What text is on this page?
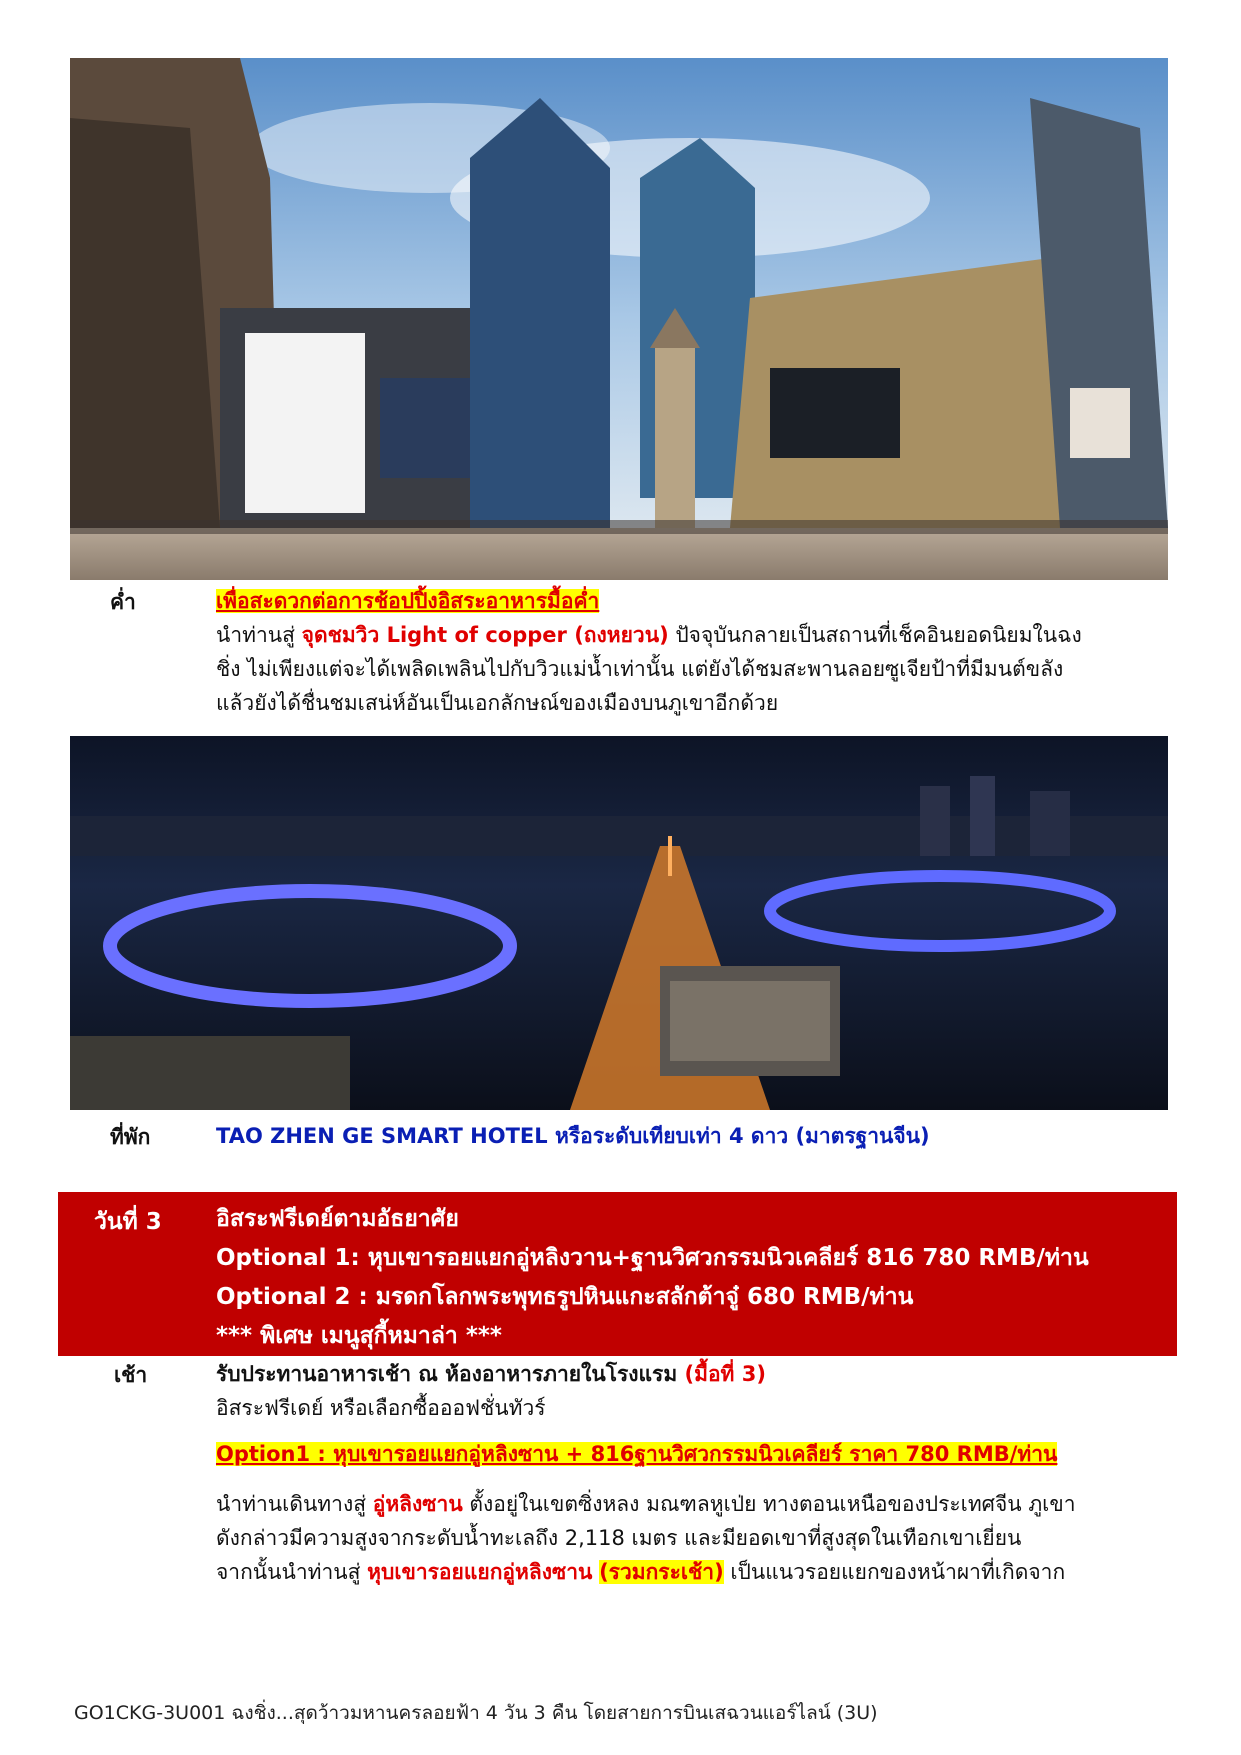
ค่ำ	เพื่อสะดวกต่อการช้อปปิ้งอิสระอาหารมื้อค่ำ
นำท่านสู่ จุดชมวิว Light of copper (ถงหยวน) ปัจจุบันกลายเป็นสถานที่เช็คอินยอดนิยมในฉง
ชิ่ง ไม่เพียงแต่จะได้เพลิดเพลินไปกับวิวแม่น้ำเท่านั้น แต่ยังได้ชมสะพานลอยซูเจียป้าที่มีมนต์ขลัง
แล้วยังได้ชื่นชมเสน่ห์อันเป็นเอกลักษณ์ของเมืองบนภูเขาอีกด้วย
ที่พัก	TAO ZHEN GE SMART HOTEL หรือระดับเทียบเท่า 4 ดาว (มาตรฐานจีน)
วันที่ 3 อิสระฟรีเดย์ตามอัธยาศัย
Optional 1: หุบเขารอยแยกอู่หลิงวาน+ฐานวิศวกรรมนิวเคลียร์ 816 780 RMB/ท่าน
Optional 2 : มรดกโลกพระพุทธรูปหินแกะสลักต้าจู๋ 680 RMB/ท่าน
*** พิเศษ เมนูสุกี้หมาล่า ***
เช้า	รับประทานอาหารเช้า ณ ห้องอาหารภายในโรงแรม (มื้อที่ 3)
อิสระฟรีเดย์ หรือเลือกซื้อออฟชั่นทัวร์
Option1 : หุบเขารอยแยกอู่หลิงซาน + 816ฐานวิศวกรรมนิวเคลียร์ ราคา 780 RMB/ท่าน
นำท่านเดินทางสู่ อู่หลิงซาน ตั้งอยู่ในเขตซิ่งหลง มณฑลหูเป่ย ทางตอนเหนือของประเทศจีน ภูเขา
ดังกล่าวมีความสูงจากระดับน้ำทะเลถึง 2,118 เมตร และมียอดเขาที่สูงสุดในเทือกเขาเยี่ยน
จากนั้นนำท่านสู่ หุบเขารอยแยกอู่หลิงซาน (รวมกระเช้า) เป็นแนวรอยแยกของหน้าผาที่เกิดจาก
GO1CKG-3U001 ฉงชิ่ง...สุดว้าวมหานครลอยฟ้า 4 วัน 3 คืน โดยสายการบินเสฉวนแอร์ไลน์ (3U)
